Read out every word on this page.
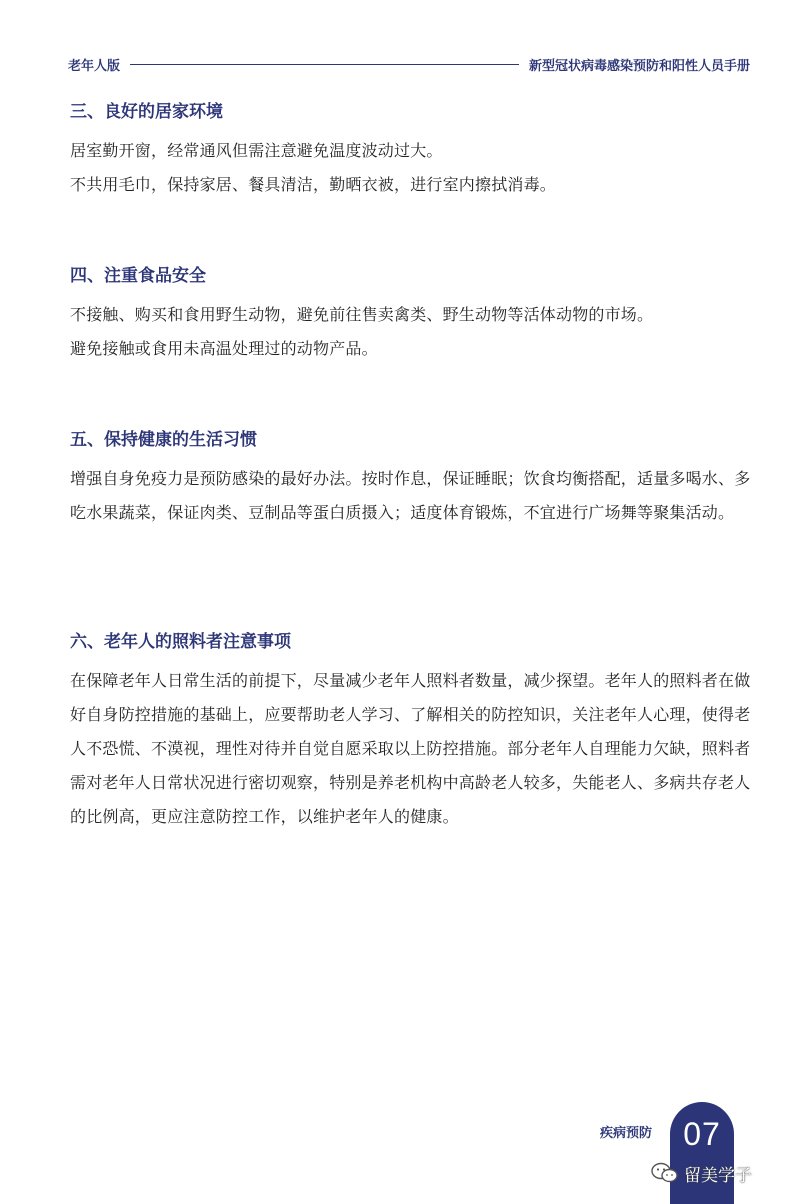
老年人版	新型冠状病毒感染预防和阳性人员手册
三、良好的居家环境

居室勤开窗，经常通风但需注意避免温度波动过大。

不共用毛巾，保持家居、餐具清洁，勤晒衣被，进行室内擦拭消毒。

四、注重食品安全

不接触、购买和食用野生动物，避免前往售卖禽类、野生动物等活体动物的市场。

避免接触或食用未高温处理过的动物产品。

五、保持健康的生活习惯

增强自身免疫力是预防感染的最好办法。按时作息，保证睡眠；饮食均衡搭配，适量多喝水、多吃水果蔬菜，保证肉类、豆制品等蛋白质摄入；适度体育锻炼，不宜进行广场舞等聚集活动。

六、老年人的照料者注意事项

在保障老年人日常生活的前提下，尽量减少老年人照料者数量，减少探望。老年人的照料者在做好自身防控措施的基础上，应要帮助老人学习、了解相关的防控知识，关注老年人心理，使得老人不恐慌、不漠视，理性对待并自觉自愿采取以上防控措施。部分老年人自理能力欠缺，照料者需对老年人日常状况进行密切观察，特别是养老机构中高龄老人较多，失能老人、多病共存老人的比例高，更应注意防控工作，以维护老年人的健康。

疾病预防 07
留美学子
